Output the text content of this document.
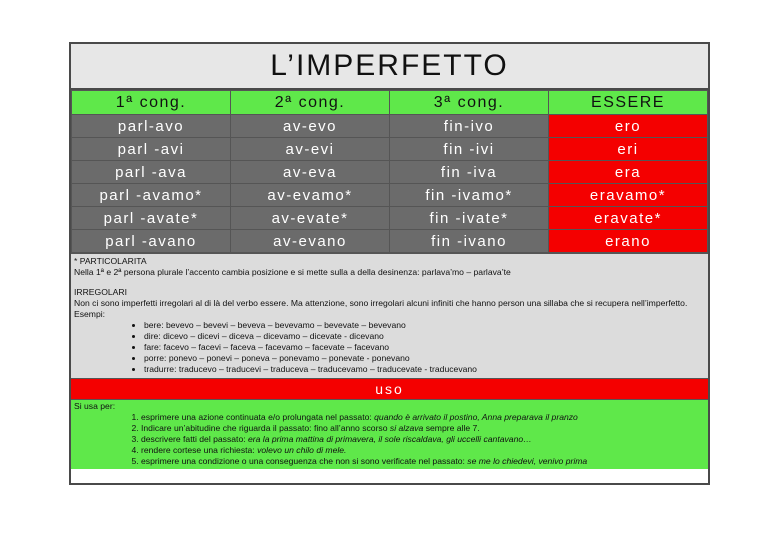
L’IMPERFETTO
1ª cong.	2ª cong.	3ª cong.	ESSERE
parl-avo	av-evo	fin-ivo	ero
parl -avi	av-evi	fin -ivi	eri
parl -ava	av-eva	fin -iva	era
parl -avamo*	av-evamo*	fin -ivamo*	eravamo*
parl -avate*	av-evate*	fin -ivate*	eravate*
parl -avano	av-evano	fin -ivano	erano

* PARTICOLARITA

Nella 1ª e 2ª persona plurale l’accento cambia posizione e si mette sulla a della desinenza: parlava’mo – parlava’te

IRREGOLARI

Non ci sono imperfetti irregolari al di là del verbo essere. Ma attenzione, sono irregolari alcuni infiniti che hanno person una sillaba che si recupera nell’imperfetto. Esempi:

• bere: bevevo – bevevi – beveva – bevevamo – bevevate – bevevano
• dire: dicevo – dicevi – diceva – dicevamo – dicevate - dicevano
• fare: facevo – facevi – faceva – facevamo – facevate – facevano
• porre: ponevo – ponevi – poneva – ponevamo – ponevate - ponevano
• tradurre: traducevo – traducevi – traduceva – traducevamo – traducevate - traducevano
uso

Si usa per:

1. esprimere una azione continuata e/o prolungata nel passato: quando è arrivato il postino, Anna preparava il pranzo
2. Indicare un’abitudine che riguarda il passato: fino all’anno scorso si alzava sempre alle 7.
3. descrivere fatti del passato: era la prima mattina di primavera, il sole riscaldava, gli uccelli cantavano…
4. rendere cortese una richiesta: volevo un chilo di mele.
5. esprimere una condizione o una conseguenza che non si sono verificate nel passato: se me lo chiedevi, venivo prima
